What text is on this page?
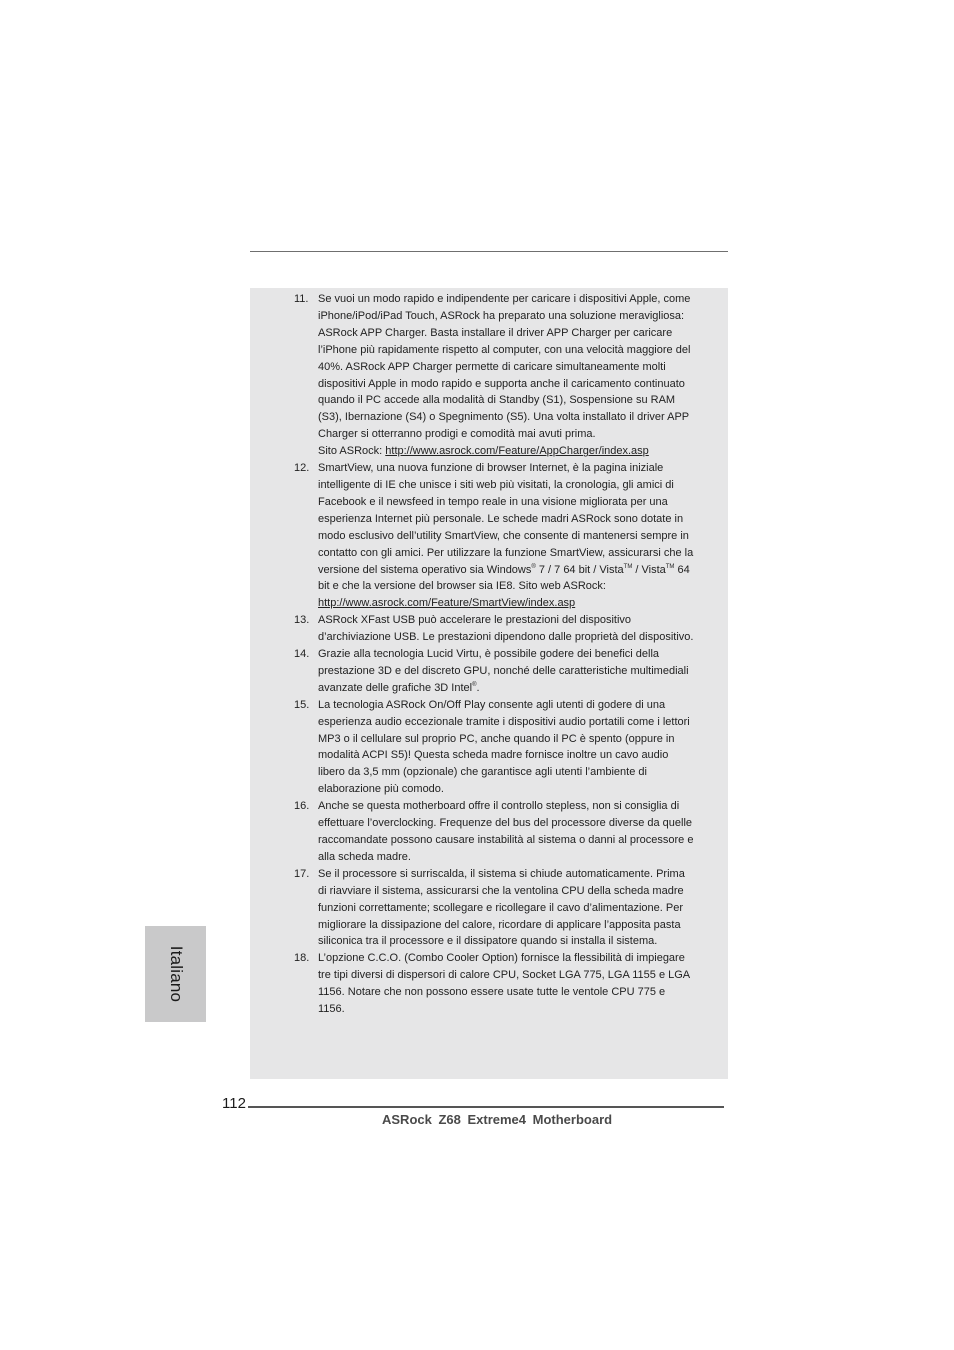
11. Se vuoi un modo rapido e indipendente per caricare i dispositivi Apple, come iPhone/iPod/iPad Touch, ASRock ha preparato una soluzione meravigliosa: ASRock APP Charger. Basta installare il driver APP Charger per caricare l’iPhone più rapidamente rispetto al computer, con una velocità maggiore del 40%. ASRock APP Charger permette di caricare simultaneamente molti dispositivi Apple in modo rapido e supporta anche il caricamento continuato quando il PC accede alla modalità di Standby (S1), Sospensione su RAM (S3), Ibernazione (S4) o Spegnimento (S5). Una volta installato il driver APP Charger si otterranno prodigi e comodità mai avuti prima.

Sito ASRock: http://www.asrock.com/Feature/AppCharger/index.asp

12. SmartView, una nuova funzione di browser Internet, è la pagina iniziale intelligente di IE che unisce i siti web più visitati, la cronologia, gli amici di Facebook e il newsfeed in tempo reale in una visione migliorata per una esperienza Internet più personale. Le schede madri ASRock sono dotate in modo esclusivo dell’utility SmartView, che consente di mantenersi sempre in contatto con gli amici. Per utilizzare la funzione SmartView, assicurarsi che la versione del sistema operativo sia Windows® 7 / 7 64 bit / Vista™ / Vista™ 64 bit e che la versione del browser sia IE8. Sito web ASRock: http://www.asrock.com/Feature/SmartView/index.asp

13. ASRock XFast USB può accelerare le prestazioni del dispositivo d’archiviazione USB. Le prestazioni dipendono dalle proprietà del dispositivo.

14. Grazie alla tecnologia Lucid Virtu, è possibile godere dei benefici della prestazione 3D e del discreto GPU, nonché delle caratteristiche multimediali avanzate delle grafiche 3D Intel®.

15. La tecnologia ASRock On/Off Play consente agli utenti di godere di una esperienza audio eccezionale tramite i dispositivi audio portatili come i lettori MP3 o il cellulare sul proprio PC, anche quando il PC è spento (oppure in modalità ACPI S5)! Questa scheda madre fornisce inoltre un cavo audio libero da 3,5 mm (opzionale) che garantisce agli utenti l’ambiente di elaborazione più comodo.

16. Anche se questa motherboard offre il controllo stepless, non si consiglia di effettuare l’overclocking. Frequenze del bus del processore diverse da quelle raccomandate possono causare instabilità al sistema o danni al processore e alla scheda madre.

17. Se il processore si surriscalda, il sistema si chiude automaticamente. Prima di riavviare il sistema, assicurarsi che la ventolina CPU della scheda madre funzioni correttamente; scollegare e ricollegare il cavo d’alimentazione. Per migliorare la dissipazione del calore, ricordare di applicare l’apposita pasta siliconica tra il processore e il dissipatore quando si installa il sistema.

18. L’opzione C.C.O. (Combo Cooler Option) fornisce la flessibilità di impiegare tre tipi diversi di dispersori di calore CPU, Socket LGA 775, LGA 1155 e LGA 1156. Notare che non possono essere usate tutte le ventole CPU 775 e 1156.

Italiano
112
ASRock Z68 Extreme4 Motherboard
